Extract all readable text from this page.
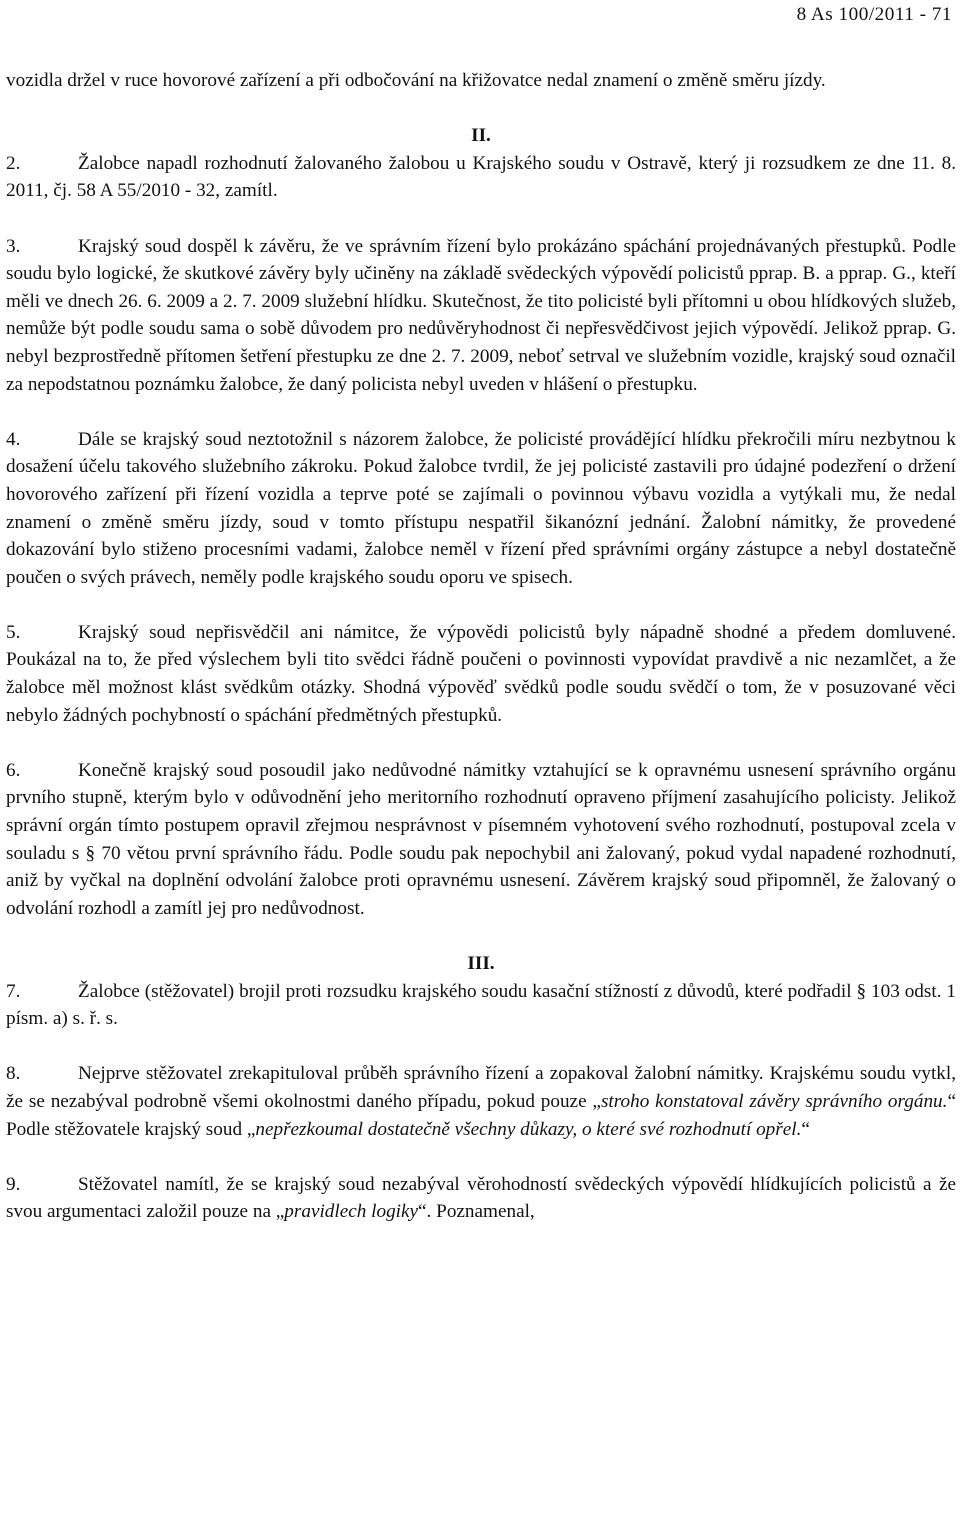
8 As 100/2011 - 71

vozidla držel v ruce hovorové zařízení a při odbočování na křižovatce nedal znamení o změně směru jízdy.

II.

2.	Žalobce napadl rozhodnutí žalovaného žalobou u Krajského soudu v Ostravě, který ji rozsudkem ze dne 11. 8. 2011, čj. 58 A 55/2010 - 32, zamítl.

3.	Krajský soud dospěl k závěru, že ve správním řízení bylo prokázáno spáchání projednávaných přestupků. Podle soudu bylo logické, že skutkové závěry byly učiněny na základě svědeckých výpovědí policistů pprap. B. a pprap. G., kteří měli ve dnech 26. 6. 2009 a 2. 7. 2009 služební hlídku. Skutečnost, že tito policisté byli přítomni u obou hlídkových služeb, nemůže být podle soudu sama o sobě důvodem pro nedůvěryhodnost či nepřesvědčivost jejich výpovědí. Jelikož pprap. G. nebyl bezprostředně přítomen šetření přestupku ze dne 2. 7. 2009, neboť setrval ve služebním vozidle, krajský soud označil za nepodstatnou poznámku žalobce, že daný policista nebyl uveden v hlášení o přestupku.

4.	Dále se krajský soud neztotožnil s názorem žalobce, že policisté provádějící hlídku překročili míru nezbytnou k dosažení účelu takového služebního zákroku. Pokud žalobce tvrdil, že jej policisté zastavili pro údajné podezření o držení hovorového zařízení při řízení vozidla a teprve poté se zajímali o povinnou výbavu vozidla a vytýkali mu, že nedal znamení o změně směru jízdy, soud v tomto přístupu nespatřil šikanózní jednání. Žalobní námitky, že provedené dokazování bylo stiženo procesními vadami, žalobce neměl v řízení před správními orgány zástupce a nebyl dostatečně poučen o svých právech, neměly podle krajského soudu oporu ve spisech.

5.	Krajský soud nepřisvědčil ani námitce, že výpovědi policistů byly nápadně shodné a předem domluvené. Poukázal na to, že před výslechem byli tito svědci řádně poučeni o povinnosti vypovídat pravdivě a nic nezamlčet, a že žalobce měl možnost klást svědkům otázky. Shodná výpověď svědků podle soudu svědčí o tom, že v posuzované věci nebylo žádných pochybností o spáchání předmětných přestupků.

6.	Konečně krajský soud posoudil jako nedůvodné námitky vztahující se k opravnému usnesení správního orgánu prvního stupně, kterým bylo v odůvodnění jeho meritorního rozhodnutí opraveno příjmení zasahujícího policisty. Jelikož správní orgán tímto postupem opravil zřejmou nesprávnost v písemném vyhotovení svého rozhodnutí, postupoval zcela v souladu s § 70 větou první správního řádu. Podle soudu pak nepochybil ani žalovaný, pokud vydal napadené rozhodnutí, aniž by vyčkal na doplnění odvolání žalobce proti opravnému usnesení. Závěrem krajský soud připomněl, že žalovaný o odvolání rozhodl a zamítl jej pro nedůvodnost.

III.

7.	Žalobce (stěžovatel) brojil proti rozsudku krajského soudu kasační stížností z důvodů, které podřadil § 103 odst. 1 písm. a) s. ř. s.

8.	Nejprve stěžovatel zrekapituloval průběh správního řízení a zopakoval žalobní námitky. Krajskému soudu vytkl, že se nezabýval podrobně všemi okolnostmi daného případu, pokud pouze „strohо konstatoval závěry správního orgánu.“ Podle stěžovatele krajský soud „nepřezkoumal dostatečně všechny důkazy, o které své rozhodnutí opřel.“

9.	Stěžovatel namítl, že se krajský soud nezabýval věrohodností svědeckých výpovědí hlídkujících policistů a že svou argumentaci založil pouze na „pravidlech logiky“. Poznamenal,
